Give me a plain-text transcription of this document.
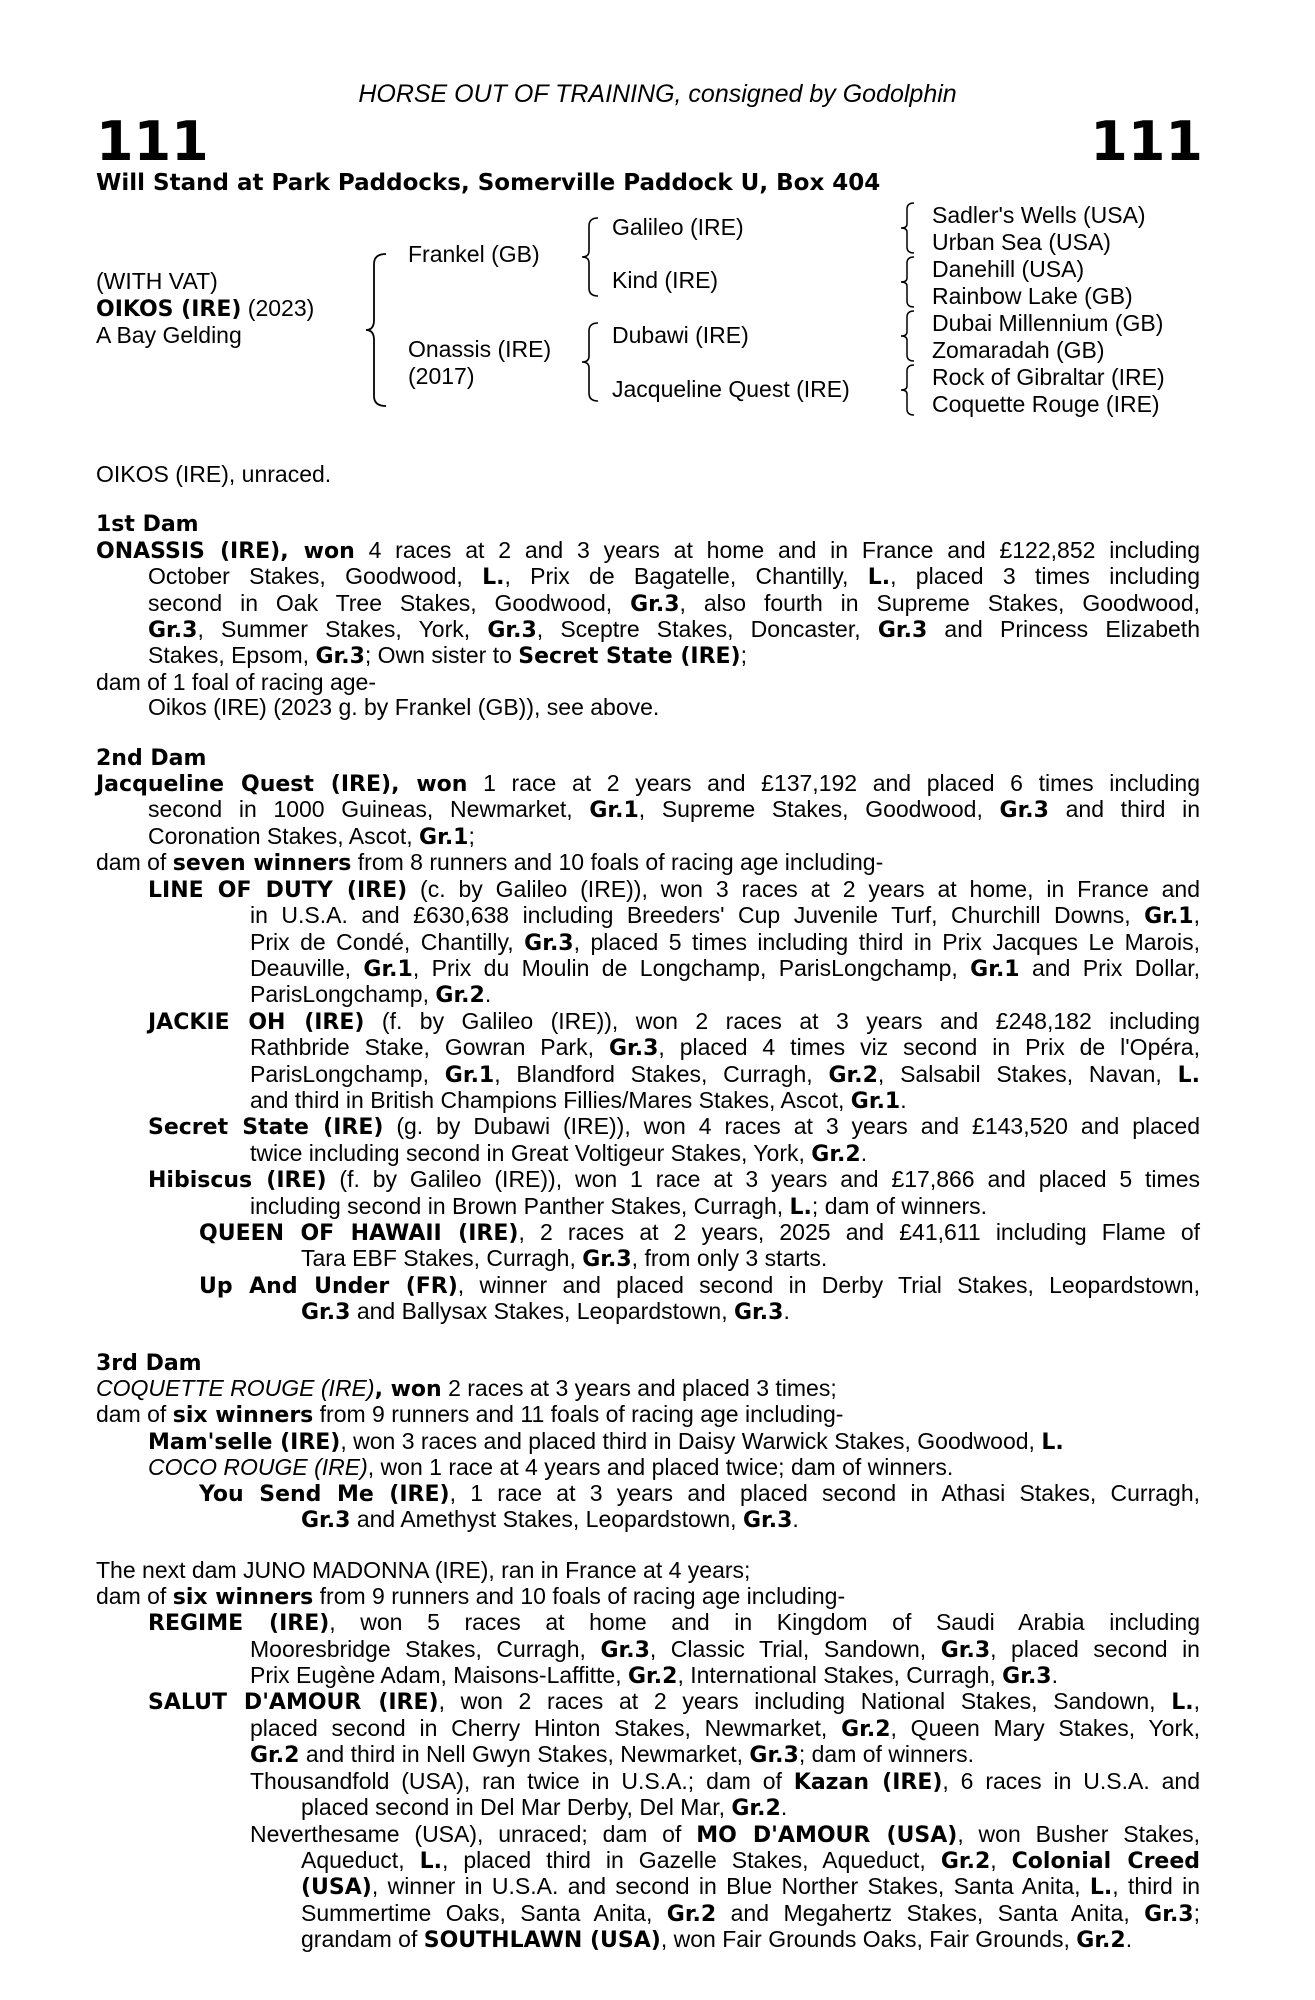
HORSE OUT OF TRAINING, consigned by Godolphin
111	111
Will Stand at Park Paddocks, Somerville Paddock U, Box 404
(WITH VAT)
OIKOS (IRE) (2023)
A Bay Gelding
Frankel (GB)
Onassis (IRE)
(2017)
Galileo (IRE)
Kind (IRE)
Dubawi (IRE)
Jacqueline Quest (IRE)
Sadler's Wells (USA)
Urban Sea (USA)
Danehill (USA)
Rainbow Lake (GB)
Dubai Millennium (GB)
Zomaradah (GB)
Rock of Gibraltar (IRE)
Coquette Rouge (IRE)
OIKOS (IRE), unraced.
1st Dam
ONASSIS (IRE), won 4 races at 2 and 3 years at home and in France and £122,852 including
October Stakes, Goodwood, L., Prix de Bagatelle, Chantilly, L., placed 3 times including
second in Oak Tree Stakes, Goodwood, Gr.3, also fourth in Supreme Stakes, Goodwood,
Gr.3, Summer Stakes, York, Gr.3, Sceptre Stakes, Doncaster, Gr.3 and Princess Elizabeth
Stakes, Epsom, Gr.3; Own sister to Secret State (IRE);
dam of 1 foal of racing age-
Oikos (IRE) (2023 g. by Frankel (GB)), see above.
2nd Dam
Jacqueline Quest (IRE), won 1 race at 2 years and £137,192 and placed 6 times including
second in 1000 Guineas, Newmarket, Gr.1, Supreme Stakes, Goodwood, Gr.3 and third in
Coronation Stakes, Ascot, Gr.1;
dam of seven winners from 8 runners and 10 foals of racing age including-
LINE OF DUTY (IRE) (c. by Galileo (IRE)), won 3 races at 2 years at home, in France and
in U.S.A. and £630,638 including Breeders' Cup Juvenile Turf, Churchill Downs, Gr.1,
Prix de Condé, Chantilly, Gr.3, placed 5 times including third in Prix Jacques Le Marois,
Deauville, Gr.1, Prix du Moulin de Longchamp, ParisLongchamp, Gr.1 and Prix Dollar,
ParisLongchamp, Gr.2.
JACKIE OH (IRE) (f. by Galileo (IRE)), won 2 races at 3 years and £248,182 including
Rathbride Stake, Gowran Park, Gr.3, placed 4 times viz second in Prix de l'Opéra,
ParisLongchamp, Gr.1, Blandford Stakes, Curragh, Gr.2, Salsabil Stakes, Navan, L.
and third in British Champions Fillies/Mares Stakes, Ascot, Gr.1.
Secret State (IRE) (g. by Dubawi (IRE)), won 4 races at 3 years and £143,520 and placed
twice including second in Great Voltigeur Stakes, York, Gr.2.
Hibiscus (IRE) (f. by Galileo (IRE)), won 1 race at 3 years and £17,866 and placed 5 times
including second in Brown Panther Stakes, Curragh, L.; dam of winners.
QUEEN OF HAWAII (IRE), 2 races at 2 years, 2025 and £41,611 including Flame of
Tara EBF Stakes, Curragh, Gr.3, from only 3 starts.
Up And Under (FR), winner and placed second in Derby Trial Stakes, Leopardstown,
Gr.3 and Ballysax Stakes, Leopardstown, Gr.3.
3rd Dam
COQUETTE ROUGE (IRE), won 2 races at 3 years and placed 3 times;
dam of six winners from 9 runners and 11 foals of racing age including-
Mam'selle (IRE), won 3 races and placed third in Daisy Warwick Stakes, Goodwood, L.
COCO ROUGE (IRE), won 1 race at 4 years and placed twice; dam of winners.
You Send Me (IRE), 1 race at 3 years and placed second in Athasi Stakes, Curragh,
Gr.3 and Amethyst Stakes, Leopardstown, Gr.3.
The next dam JUNO MADONNA (IRE), ran in France at 4 years;
dam of six winners from 9 runners and 10 foals of racing age including-
REGIME (IRE), won 5 races at home and in Kingdom of Saudi Arabia including
Mooresbridge Stakes, Curragh, Gr.3, Classic Trial, Sandown, Gr.3, placed second in
Prix Eugène Adam, Maisons-Laffitte, Gr.2, International Stakes, Curragh, Gr.3.
SALUT D'AMOUR (IRE), won 2 races at 2 years including National Stakes, Sandown, L.,
placed second in Cherry Hinton Stakes, Newmarket, Gr.2, Queen Mary Stakes, York,
Gr.2 and third in Nell Gwyn Stakes, Newmarket, Gr.3; dam of winners.
Thousandfold (USA), ran twice in U.S.A.; dam of Kazan (IRE), 6 races in U.S.A. and
placed second in Del Mar Derby, Del Mar, Gr.2.
Neverthesame (USA), unraced; dam of MO D'AMOUR (USA), won Busher Stakes,
Aqueduct, L., placed third in Gazelle Stakes, Aqueduct, Gr.2, Colonial Creed
(USA), winner in U.S.A. and second in Blue Norther Stakes, Santa Anita, L., third in
Summertime Oaks, Santa Anita, Gr.2 and Megahertz Stakes, Santa Anita, Gr.3;
grandam of SOUTHLAWN (USA), won Fair Grounds Oaks, Fair Grounds, Gr.2.
